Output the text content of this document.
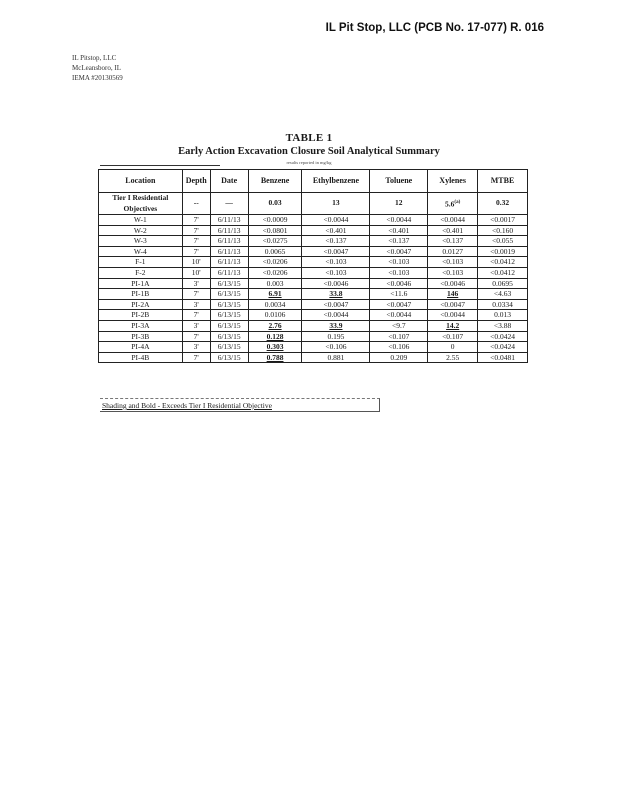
IL Pit Stop, LLC (PCB No. 17-077) R. 016
IL Pitstop, LLC
McLeansboro, IL
IEMA #20130569
TABLE 1
Early Action Excavation Closure Soil Analytical Summary
results reported in mg/kg
Location	Depth	Date	Benzene	Ethylbenzene	Toluene	Xylenes	MTBE

Tier I Residential
Objectives	--	—	0.03	13	12	5.6$^{(a)}$	0.32
W-1	7'	6/11/13	<0.0009	<0.0044	<0.0044	<0.0044	<0.0017
W-2	7'	6/11/13	<0.0801	<0.401	<0.401	<0.401	<0.160
W-3	7'	6/11/13	<0.0275	<0.137	<0.137	<0.137	<0.055
W-4	7'	6/11/13	0.0065	<0.0047	<0.0047	0.0127	<0.0019
F-1	10'	6/11/13	<0.0206	<0.103	<0.103	<0.103	<0.0412
F-2	10'	6/11/13	<0.0206	<0.103	<0.103	<0.103	<0.0412
PI-1A	3'	6/13/15	0.003	<0.0046	<0.0046	<0.0046	0.0695
PI-1B	7'	6/13/15	6.91	33.8	<11.6	146	<4.63
PI-2A	3'	6/13/15	0.0034	<0.0047	<0.0047	<0.0047	0.0334
PI-2B	7'	6/13/15	0.0106	<0.0044	<0.0044	<0.0044	0.013
PI-3A	3'	6/13/15	2.76	33.9	<9.7	14.2	<3.88
PI-3B	7'	6/13/15	0.128	0.195	<0.107	<0.107	<0.0424
PI-4A	3'	6/13/15	0.303	<0.106	<0.106	0	<0.0424
PI-4B	7'	6/13/15	0.788	0.881	0.209	2.55	<0.0481
Shading and Bold - Exceeds Tier I Residential Objective
